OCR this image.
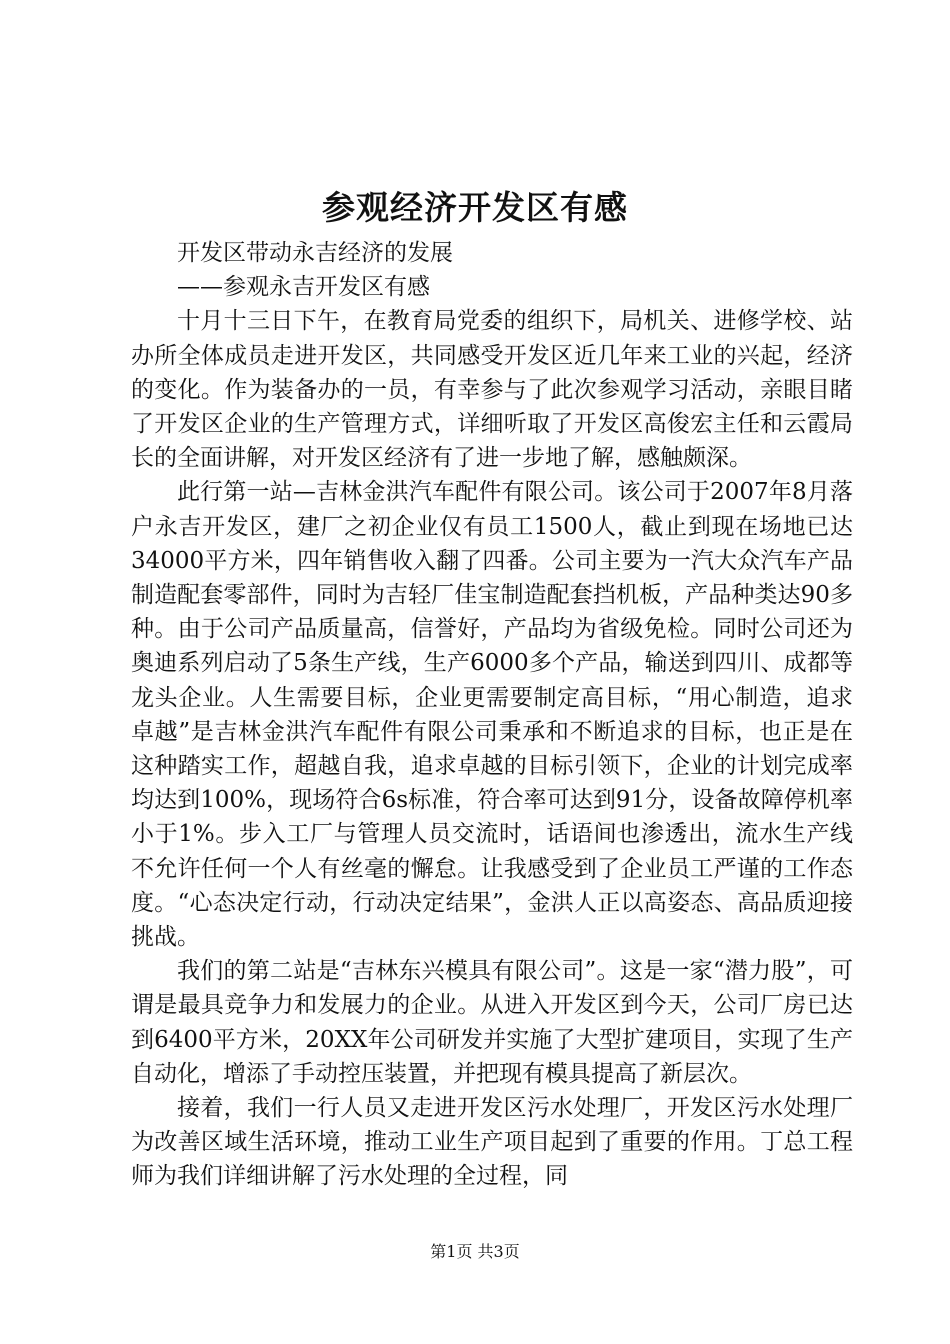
参观经济开发区有感

开发区带动永吉经济的发展

——参观永吉开发区有感

十月十三日下午，在教育局党委的组织下，局机关、进修学校、站办所全体成员走进开发区，共同感受开发区近几年来工业的兴起，经济的变化。作为装备办的一员，有幸参与了此次参观学习活动，亲眼目睹了开发区企业的生产管理方式，详细听取了开发区高俊宏主任和云霞局长的全面讲解，对开发区经济有了进一步地了解，感触颇深。

此行第一站—吉林金洪汽车配件有限公司。该公司于2007年8月落户永吉开发区，建厂之初企业仅有员工1500人，截止到现在场地已达34000平方米，四年销售收入翻了四番。公司主要为一汽大众汽车产品制造配套零部件，同时为吉轻厂佳宝制造配套挡机板，产品种类达90多种。由于公司产品质量高，信誉好，产品均为省级免检。同时公司还为奥迪系列启动了5条生产线，生产6000多个产品，输送到四川、成都等龙头企业。人生需要目标，企业更需要制定高目标，“用心制造，追求卓越”是吉林金洪汽车配件有限公司秉承和不断追求的目标，也正是在这种踏实工作，超越自我，追求卓越的目标引领下，企业的计划完成率均达到100%，现场符合6s标准，符合率可达到91分，设备故障停机率小于1%。步入工厂与管理人员交流时，话语间也渗透出，流水生产线不允许任何一个人有丝毫的懈怠。让我感受到了企业员工严谨的工作态度。“心态决定行动，行动决定结果”，金洪人正以高姿态、高品质迎接挑战。

我们的第二站是“吉林东兴模具有限公司”。这是一家“潜力股”，可谓是最具竞争力和发展力的企业。从进入开发区到今天，公司厂房已达到6400平方米，20XX年公司研发并实施了大型扩建项目，实现了生产自动化，增添了手动控压装置，并把现有模具提高了新层次。

接着，我们一行人员又走进开发区污水处理厂，开发区污水处理厂为改善区域生活环境，推动工业生产项目起到了重要的作用。丁总工程师为我们详细讲解了污水处理的全过程，同

第1页 共3页
